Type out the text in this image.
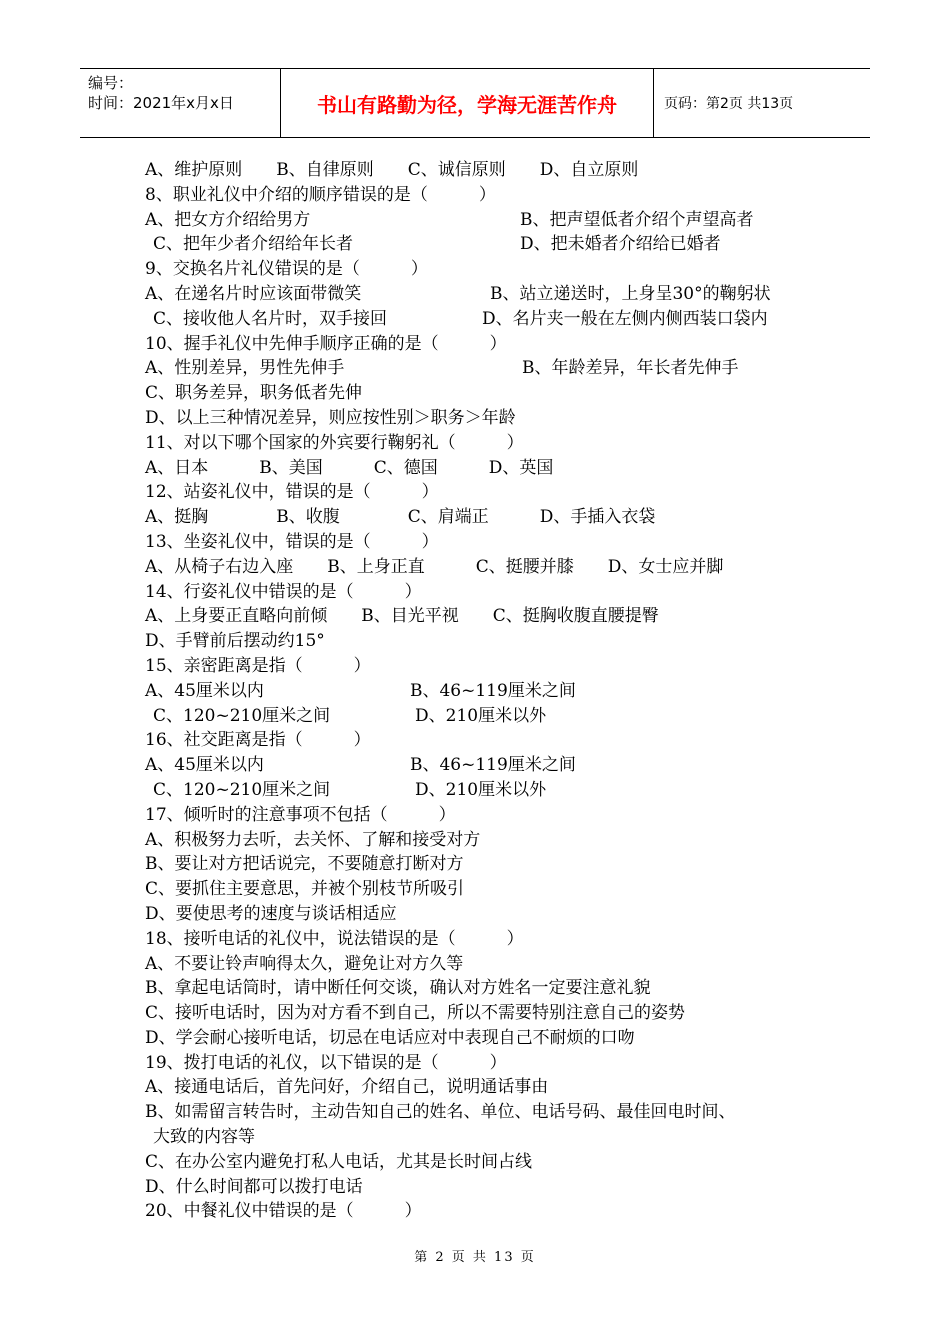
编号：
时间：2021年x月x日	书山有路勤为径，学海无涯苦作舟	页码：第2页 共13页
A、维护原则　　B、自律原则　　C、诚信原则　　D、自立原则
8、职业礼仪中介绍的顺序错误的是（　　　）
A、把女方介绍给男方	B、把声望低者介绍个声望高者
C、把年少者介绍给年长者	D、把未婚者介绍给已婚者
9、交换名片礼仪错误的是（　　　）
A、在递名片时应该面带微笑	B、站立递送时，上身呈30°的鞠躬状
C、接收他人名片时，双手接回	D、名片夹一般在左侧内侧西装口袋内
10、握手礼仪中先伸手顺序正确的是（　　　）
A、性别差异，男性先伸手	B、年龄差异，年长者先伸手
C、职务差异，职务低者先伸
D、以上三种情况差异，则应按性别＞职务＞年龄
11、对以下哪个国家的外宾要行鞠躬礼（　　　）
A、日本　　　B、美国　　　C、德国　　　D、英国
12、站姿礼仪中，错误的是（　　　）
A、挺胸　　　　B、收腹　　　　C、肩端正　　　D、手插入衣袋
13、坐姿礼仪中，错误的是（　　　）
A、从椅子右边入座　　B、上身正直　　　C、挺腰并膝　　D、女士应并脚
14、行姿礼仪中错误的是（　　　）
A、上身要正直略向前倾　　B、目光平视　　C、挺胸收腹直腰提臀
D、手臂前后摆动约15°
15、亲密距离是指（　　　）
A、45厘米以内	B、46~119厘米之间
C、120~210厘米之间	D、210厘米以外
16、社交距离是指（　　　）
A、45厘米以内	B、46~119厘米之间
C、120~210厘米之间	D、210厘米以外
17、倾听时的注意事项不包括（　　　）
A、积极努力去听，去关怀、了解和接受对方
B、要让对方把话说完，不要随意打断对方
C、要抓住主要意思，并被个别枝节所吸引
D、要使思考的速度与谈话相适应
18、接听电话的礼仪中，说法错误的是（　　　）
A、不要让铃声响得太久，避免让对方久等
B、拿起电话筒时，请中断任何交谈，确认对方姓名一定要注意礼貌
C、接听电话时，因为对方看不到自己，所以不需要特别注意自己的姿势
D、学会耐心接听电话，切忌在电话应对中表现自己不耐烦的口吻
19、拨打电话的礼仪，以下错误的是（　　　）
A、接通电话后，首先问好，介绍自己，说明通话事由
B、如需留言转告时，主动告知自己的姓名、单位、电话号码、最佳回电时间、
大致的内容等
C、在办公室内避免打私人电话，尤其是长时间占线
D、什么时间都可以拨打电话
20、中餐礼仪中错误的是（　　　）
第 2 页 共 13 页
